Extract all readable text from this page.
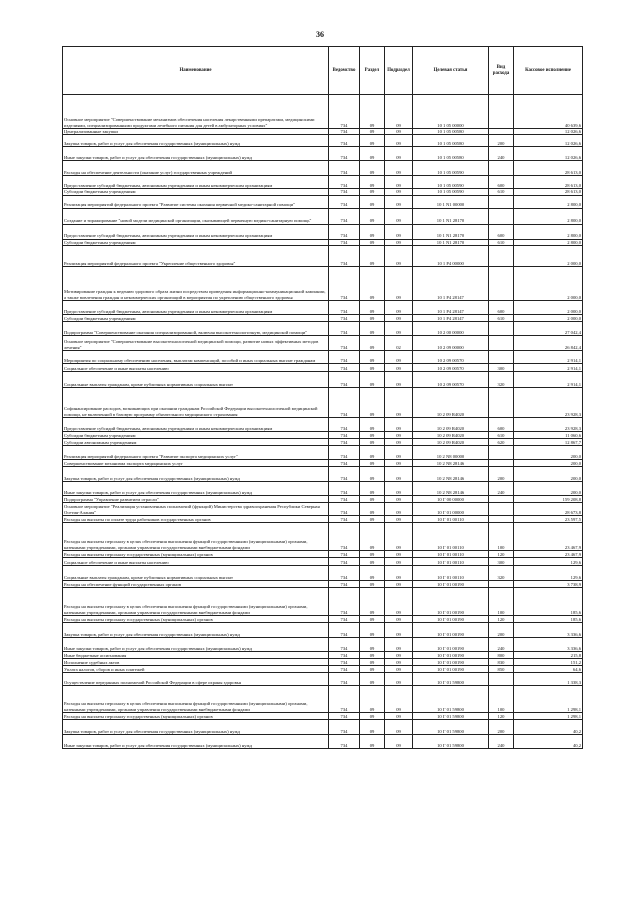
36
Наименование	Ведомство	Раздел	Подраздел	Целевая статья	Вид расхода	Кассовое исполнение
Основное мероприятие "Совершенствование механизмов обеспечения населения лекарственными препаратами, медицинскими изделиями, специализированными продуктами лечебного питания для детей в амбулаторных условиях"	734	09	09	10 1 05 00000		40 639,6
Централизованные закупки	734	09	09	10 1 05 00580		12 026,6
Закупка товаров, работ и услуг для обеспечения государственных (муниципальных) нужд	734	09	09	10 1 05 00580	200	12 026,6
Иные закупки товаров, работ и услуг для обеспечения государственных (муниципальных) нужд	734	09	09	10 1 05 00580	240	12 026,6
Расходы на обеспечение деятельности (оказание услуг) государственных учреждений	734	09	09	10 1 05 00590		28 613,0
Предоставление субсидий бюджетным, автономным учреждениям и иным некоммерческим организациям	734	09	09	10 1 05 00590	600	28 613,0
Субсидии бюджетным учреждениям	734	09	09	10 1 05 00590	610	28 613,0
Реализация мероприятий федерального проекта "Развитие системы оказания первичной медико-санитарной помощи"	734	09	09	10 1 N1 00000		2 800,0
Создание и тиражирование "новой модели медицинской организации, оказывающей первичную медико-санитарную помощь"	734	09	09	10 1 N1 28170		2 800,0
Предоставление субсидий бюджетным, автономным учреждениям и иным некоммерческим организациям	734	09	09	10 1 N1 28170	600	2 800,0
Субсидии бюджетным учреждениям	734	09	09	10 1 N1 28170	610	2 800,0
Реализация мероприятий федерального проекта "Укрепление общественного здоровья"	734	09	09	10 1 P4 00000		2 000,0
Мотивирование граждан к ведению здорового образа жизни посредством проведения информационно-коммуникационной кампании, а также вовлечения граждан и некоммерческих организаций в мероприятия по укреплению общественного здоровья	734	09	09	10 1 P4 28147		2 000,0
Предоставление субсидий бюджетным, автономным учреждениям и иным некоммерческим организациям	734	09	09	10 1 P4 28147	600	2 000,0
Субсидии бюджетным учреждениям	734	09	09	10 1 P4 28147	610	2 000,0
Подпрограмма "Совершенствование оказания специализированной, включая высокотехнологичную, медицинской помощи"	734	09	09	10 2 00 00000		27 042,4
Основное мероприятие "Совершенствование высокотехнологичной медицинской помощи, развитие новых эффективных методов лечения"	734	09	02	10 2 09 00000		26 842,4
Мероприятия по социальному обеспечению населения, выплатам компенсаций, пособий и иных социальных выплат гражданам	734	09	09	10 2 09 00570		2 914,1
Социальное обеспечение и иные выплаты населению	734	09	09	10 2 09 00570	300	2 914,1
Социальные выплаты гражданам, кроме публичных нормативных социальных выплат	734	09	09	10 2 09 00570	320	2 914,1
Софинансирование расходов, возникающих при оказании гражданам Российской Федерации высокотехнологичной медицинской помощи, не включенной в базовую программу обязательного медицинского страхования	734	09	09	10 2 09 R4020		23 928,3
Предоставление субсидий бюджетным, автономным учреждениям и иным некоммерческим организациям	734	09	09	10 2 09 R4020	600	23 928,3
Субсидии бюджетным учреждениям	734	09	09	10 2 09 R4020	610	11 060,6
Субсидии автономным учреждениям	734	09	09	10 2 09 R4020	620	12 867,7
Реализация мероприятий федерального проекта "Развитие экспорта медицинских услуг"	734	09	09	10 2 N8 00000		200,0
Совершенствование механизма экспорта медицинских услуг	734	09	09	10 2 N8 28146		200,0
Закупка товаров, работ и услуг для обеспечения государственных (муниципальных) нужд	734	09	09	10 2 N8 28146	200	200,0
Иные закупки товаров, работ и услуг для обеспечения государственных (муниципальных) нужд	734	09	09	10 2 N8 28146	240	200,0
Подпрограмма "Управление развитием отрасли"	734	09	09	10 Г 00 00000		159 208,8
Основное мероприятие "Реализация установленных полномочий (функций) Министерства здравоохранения Республики Северная Осетия-Алания"	734	09	09	10 Г 01 00000		28 673,8
Расходы на выплаты по оплате труда работников государственных органов	734	09	09	10 Г 01 00110		23 597,5
Расходы на выплаты персоналу в целях обеспечения выполнения функций государственными (муниципальными) органами, казенными учреждениями, органами управления государственными внебюджетными фондами	734	09	09	10 Г 01 00110	100	23 467,9
Расходы на выплаты персоналу государственных (муниципальных) органов	734	09	09	10 Г 01 00110	120	23 467,9
Социальное обеспечение и иные выплаты населению	734	09	09	10 Г 01 00110	300	129,6
Социальные выплаты гражданам, кроме публичных нормативных социальных выплат	734	09	09	10 Г 01 00110	320	129,6
Расходы на обеспечение функций государственных органов	734	09	09	10 Г 01 00190		3 738,9
Расходы на выплаты персоналу в целях обеспечения выполнения функций государственными (муниципальными) органами, казенными учреждениями, органами управления государственными внебюджетными фондами	734	09	09	10 Г 01 00190	100	185,6
Расходы на выплаты персоналу государственных (муниципальных) органов	734	09	09	10 Г 01 00190	120	185,6
Закупка товаров, работ и услуг для обеспечения государственных (муниципальных) нужд	734	09	09	10 Г 01 00190	200	3 336,6
Иные закупки товаров, работ и услуг для обеспечения государственных (муниципальных) нужд	734	09	09	10 Г 01 00190	240	3 336,6
Иные бюджетные ассигнования	734	09	09	10 Г 01 00190	800	215,8
Исполнение судебных актов	734	09	09	10 Г 01 00190	830	151,2
Уплата налогов, сборов и иных платежей	734	09	09	10 Г 01 00190	850	64,6
Осуществление переданных полномочий Российской Федерации в сфере охраны здоровья	734	09	09	10 Г 01 59800		1 338,3
Расходы на выплаты персоналу в целях обеспечения выполнения функций государственными (муниципальными) органами, казенными учреждениями, органами управления государственными внебюджетными фондами	734	09	09	10 Г 01 59800	100	1 298,1
Расходы на выплаты персоналу государственных (муниципальных) органов	734	09	09	10 Г 01 59800	120	1 298,1
Закупка товаров, работ и услуг для обеспечения государственных (муниципальных) нужд	734	09	09	10 Г 01 59800	200	40,2
Иные закупки товаров, работ и услуг для обеспечения государственных (муниципальных) нужд	734	09	09	10 Г 01 59800	240	40,2
